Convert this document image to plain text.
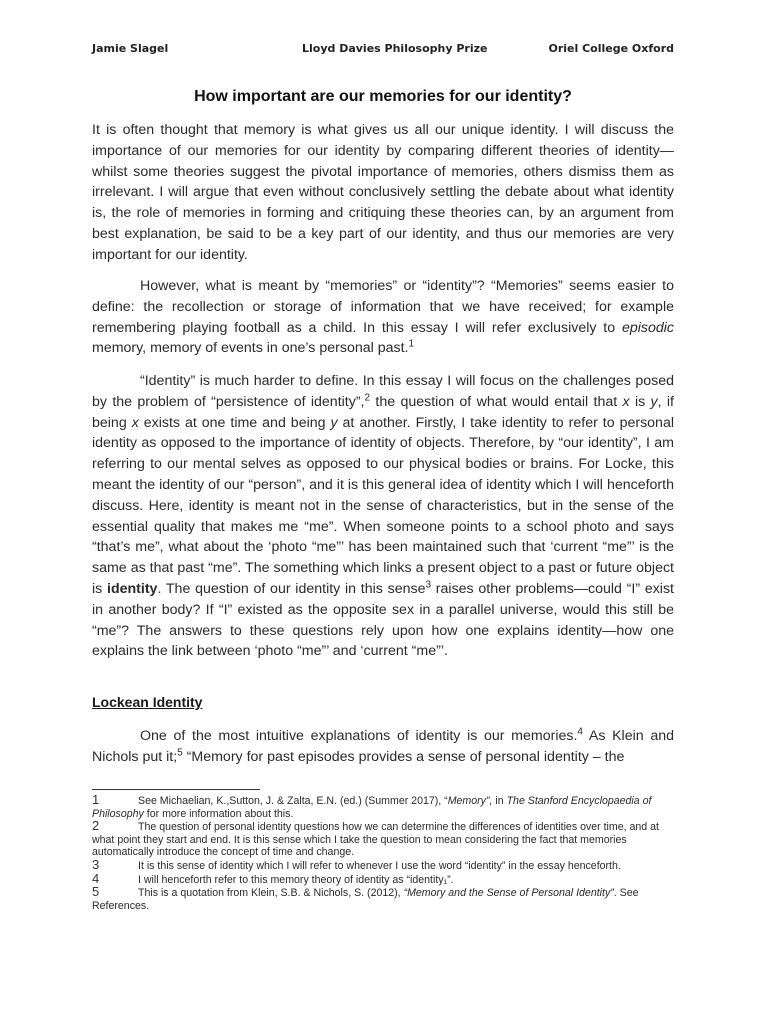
Jamie Slagel	Lloyd Davies Philosophy Prize	Oriel College Oxford
How important are our memories for our identity?
It is often thought that memory is what gives us all our unique identity. I will discuss the importance of our memories for our identity by comparing different theories of identity—whilst some theories suggest the pivotal importance of memories, others dismiss them as irrelevant. I will argue that even without conclusively settling the debate about what identity is, the role of memories in forming and critiquing these theories can, by an argument from best explanation, be said to be a key part of our identity, and thus our memories are very important for our identity.
However, what is meant by “memories” or “identity”? “Memories” seems easier to define: the recollection or storage of information that we have received; for example remembering playing football as a child. In this essay I will refer exclusively to episodic memory, memory of events in one’s personal past.$^1$
“Identity” is much harder to define. In this essay I will focus on the challenges posed by the problem of “persistence of identity”,$^2$ the question of what would entail that x is y, if being x exists at one time and being y at another. Firstly, I take identity to refer to personal identity as opposed to the importance of identity of objects. Therefore, by “our identity”, I am referring to our mental selves as opposed to our physical bodies or brains. For Locke, this meant the identity of our “person”, and it is this general idea of identity which I will henceforth discuss. Here, identity is meant not in the sense of characteristics, but in the sense of the essential quality that makes me “me”. When someone points to a school photo and says “that’s me”, what about the ‘photo “me”’ has been maintained such that ‘current “me”’ is the same as that past “me”. The something which links a present object to a past or future object is identity. The question of our identity in this sense$^3$ raises other problems—could “I” exist in another body? If “I” existed as the opposite sex in a parallel universe, would this still be “me”? The answers to these questions rely upon how one explains identity—how one explains the link between ‘photo “me”’ and ‘current “me”’.
Lockean Identity
One of the most intuitive explanations of identity is our memories.$^4$ As Klein and Nichols put it;$^5$ “Memory for past episodes provides a sense of personal identity – the
1	See Michaelian, K.,Sutton, J. & Zalta, E.N. (ed.) (Summer 2017), “Memory”, in The Stanford Encyclopaedia of Philosophy for more information about this.
2	The question of personal identity questions how we can determine the differences of identities over time, and at what point they start and end. It is this sense which I take the question to mean considering the fact that memories automatically introduce the concept of time and change.
3	It is this sense of identity which I will refer to whenever I use the word “identity” in the essay henceforth.
4	I will henceforth refer to this memory theory of identity as “identity₁”.
5	This is a quotation from Klein, S.B. & Nichols, S. (2012), “Memory and the Sense of Personal Identity”. See References.
